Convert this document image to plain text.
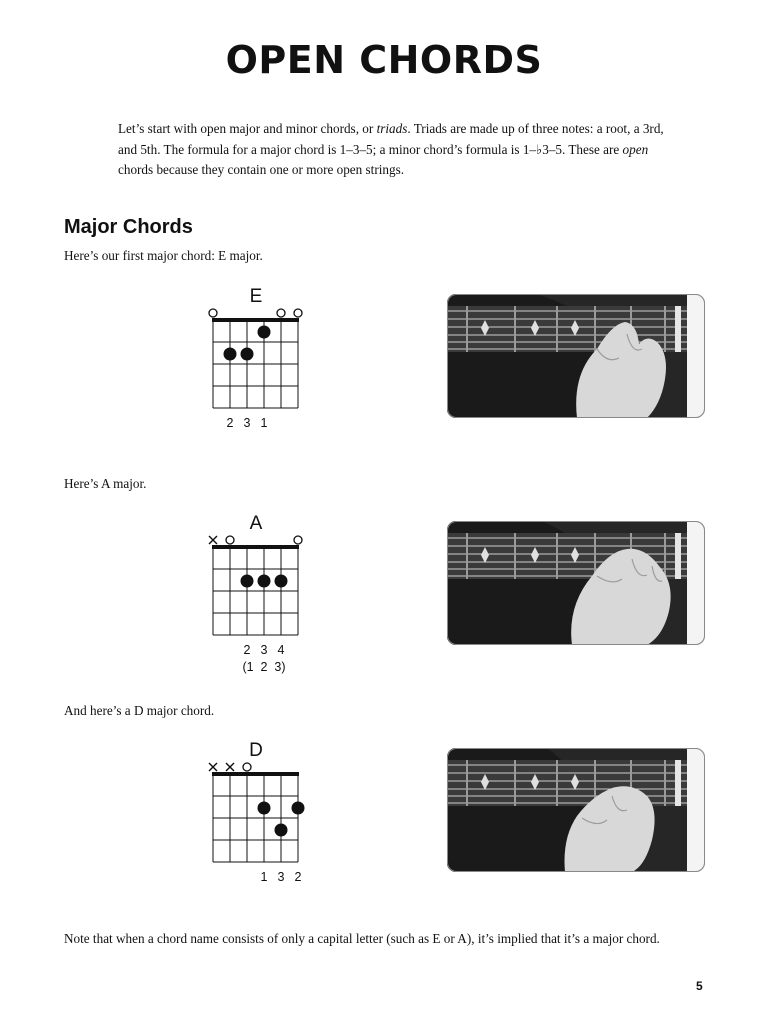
OPEN CHORDS

Let’s start with open major and minor chords, or triads. Triads are made up of three notes: a root, a 3rd, and 5th. The formula for a major chord is 1–3–5; a minor chord’s formula is 1–♭3–5. These are open chords because they contain one or more open strings.

Major Chords

Here’s our first major chord: E major.

Here’s A major.

And here’s a D major chord.

E
2 3 1
A
2 3 4
(1  2  3)
D
1 3 2

Note that when a chord name consists of only a capital letter (such as E or A), it’s implied that it’s a major chord.

5
